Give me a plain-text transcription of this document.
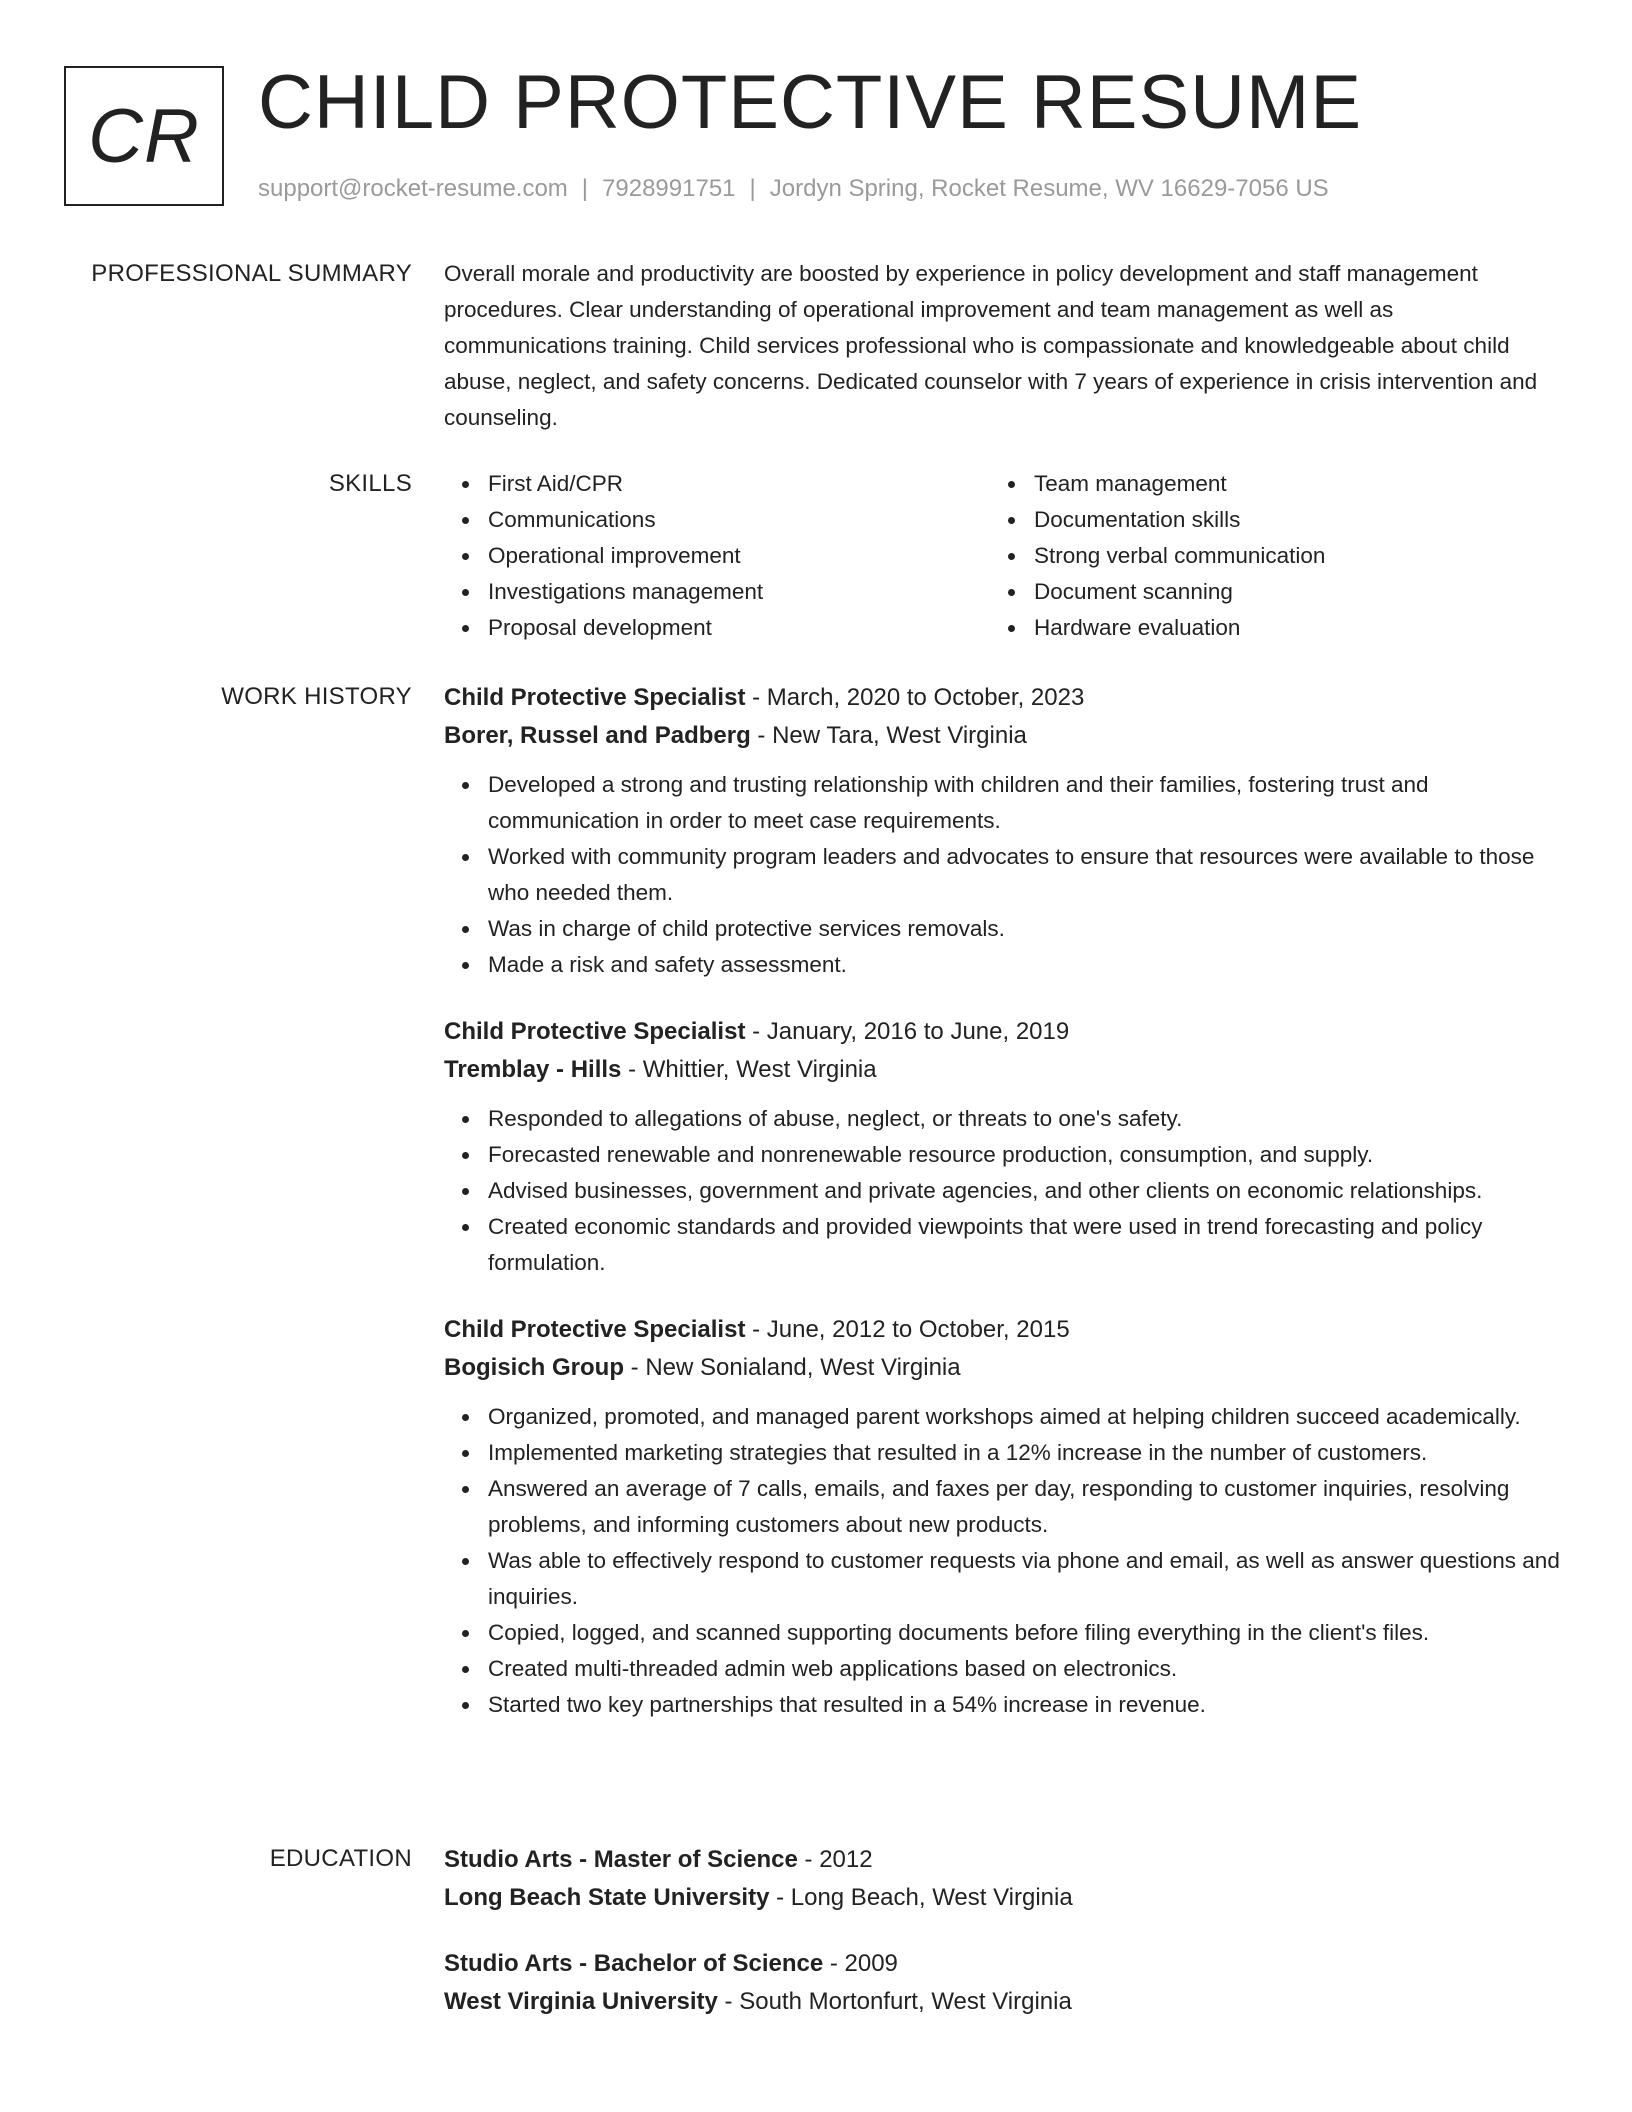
CR CHILD PROTECTIVE RESUME
support@rocket-resume.com | 7928991751 | Jordyn Spring, Rocket Resume, WV 16629-7056 US
PROFESSIONAL SUMMARY Overall morale and productivity are boosted by experience in policy development and staff management procedures. Clear understanding of operational improvement and team management as well as communications training. Child services professional who is compassionate and knowledgeable about child abuse, neglect, and safety concerns. Dedicated counselor with 7 years of experience in crisis intervention and counseling.

SKILLS	First Aid/CPR
Communications
Operational improvement
Investigations management
Proposal development
Team management
Documentation skills
Strong verbal communication
Document scanning
Hardware evaluation
WORK HISTORY Child Protective Specialist - March, 2020 to October, 2023
Borer, Russel and Padberg - New Tara, West Virginia
Developed a strong and trusting relationship with children and their families, fostering trust and communication in order to meet case requirements.
Worked with community program leaders and advocates to ensure that resources were available to those who needed them.
Was in charge of child protective services removals.
Made a risk and safety assessment.
Child Protective Specialist - January, 2016 to June, 2019
Tremblay - Hills - Whittier, West Virginia
Responded to allegations of abuse, neglect, or threats to one's safety.
Forecasted renewable and nonrenewable resource production, consumption, and supply.
Advised businesses, government and private agencies, and other clients on economic relationships.
Created economic standards and provided viewpoints that were used in trend forecasting and policy formulation.
Child Protective Specialist - June, 2012 to October, 2015
Bogisich Group - New Sonialand, West Virginia
Organized, promoted, and managed parent workshops aimed at helping children succeed academically.
Implemented marketing strategies that resulted in a 12% increase in the number of customers.
Answered an average of 7 calls, emails, and faxes per day, responding to customer inquiries, resolving problems, and informing customers about new products.
Was able to effectively respond to customer requests via phone and email, as well as answer questions and inquiries.
Copied, logged, and scanned supporting documents before filing everything in the client's files.
Created multi-threaded admin web applications based on electronics.
Started two key partnerships that resulted in a 54% increase in revenue.
EDUCATION Studio Arts - Master of Science - 2012
Long Beach State University - Long Beach, West Virginia
Studio Arts - Bachelor of Science - 2009
West Virginia University - South Mortonfurt, West Virginia
